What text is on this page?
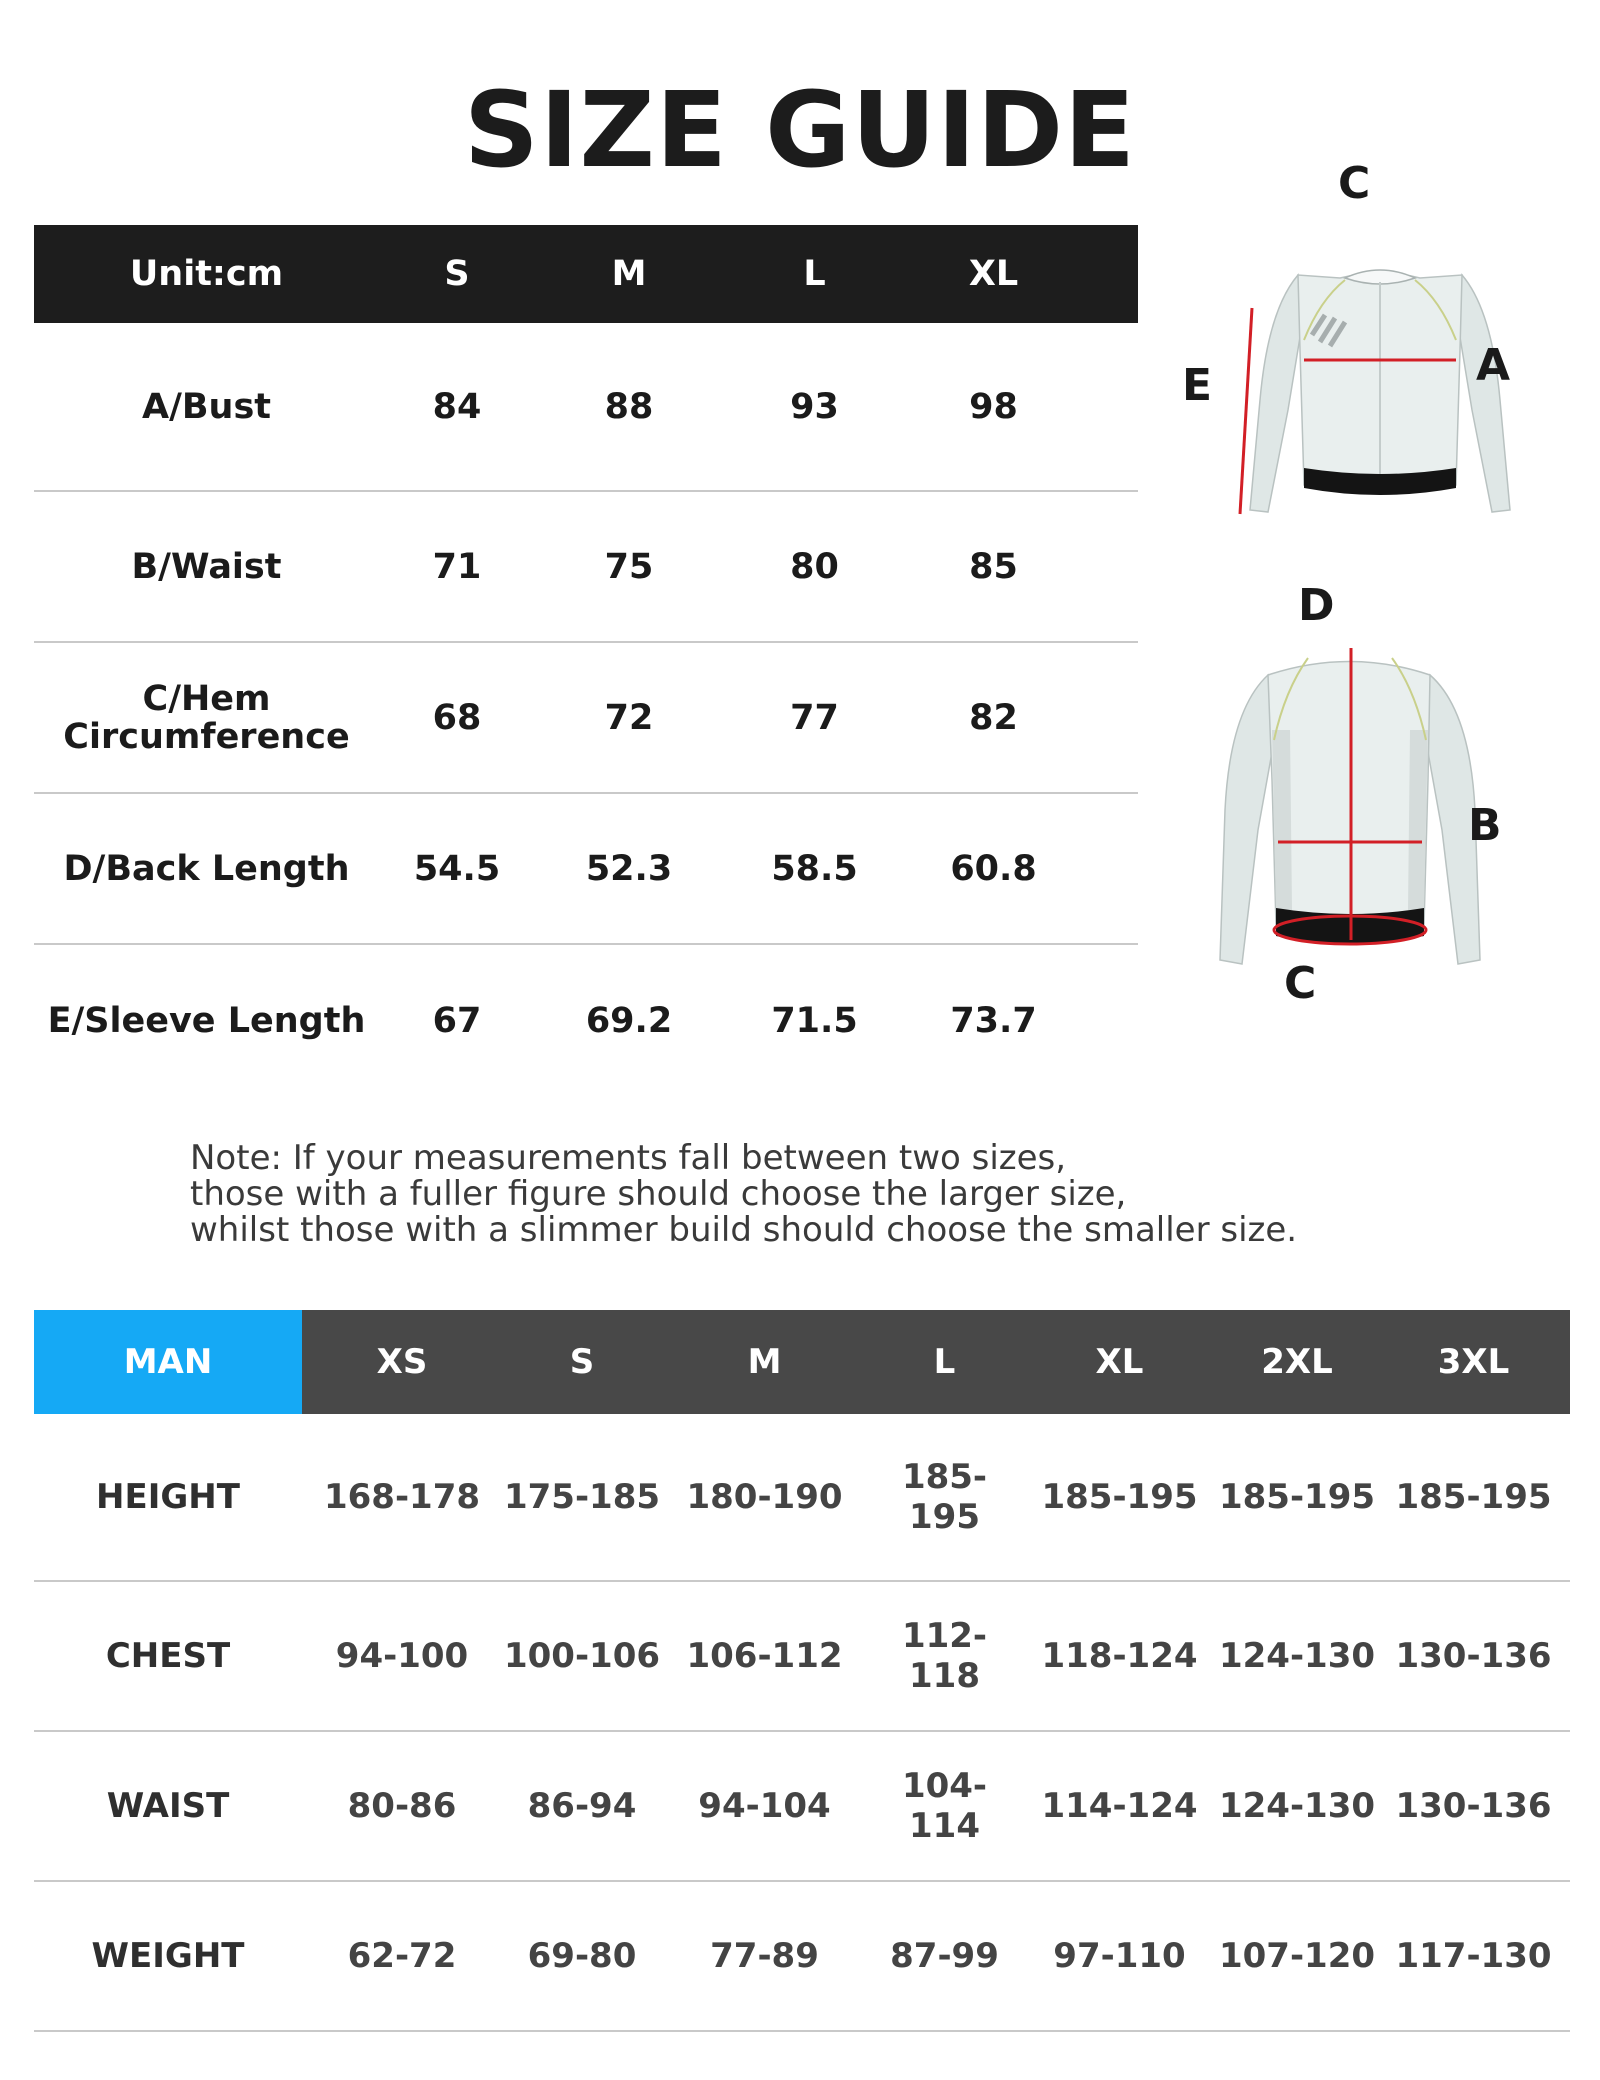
SIZE GUIDE
Unit:cm	S	M	L	XL
A/Bust	84	88	93	98
B/Waist	71	75	80	85
C/Hem
Circumference	68	72	77	82
D/Back Length	54.5	52.3	58.5	60.8
E/Sleeve Length	67	69.2	71.5	73.7
C
A
E
D
B
C
Note: If your measurements fall between two sizes,
those with a fuller figure should choose the larger size,
whilst those with a slimmer build should choose the smaller size.
MAN	XS	S	M	L	XL	2XL	3XL
HEIGHT	168-178 175-185 180-190	185-195	185-195 185-195 185-195
CHEST	94-100	100-106 106-112	112-118	118-124 124-130 130-136
WAIST	80-86	86-94	94-104	104-114	114-124 124-130 130-136
WEIGHT	62-72	69-80	77-89	87-99	97-110 107-120 117-130
